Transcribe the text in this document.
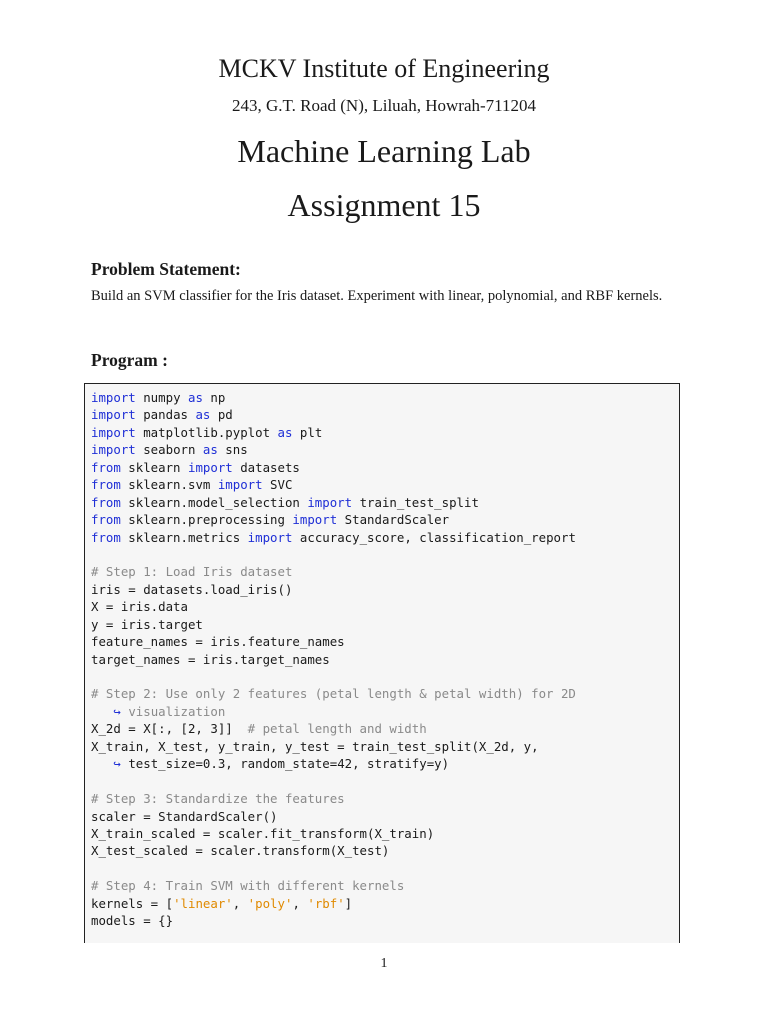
MCKV Institute of Engineering
243, G.T. Road (N), Liluah, Howrah-711204
Machine Learning Lab
Assignment 15
Problem Statement:
Build an SVM classifier for the Iris dataset. Experiment with linear, polynomial, and RBF kernels.
Program :
import numpy as np
import pandas as pd
import matplotlib.pyplot as plt
import seaborn as sns
from sklearn import datasets
from sklearn.svm import SVC
from sklearn.model_selection import train_test_split
from sklearn.preprocessing import StandardScaler
from sklearn.metrics import accuracy_score, classification_report
# Step 1: Load Iris dataset
iris = datasets.load_iris()
X = iris.data
y = iris.target
feature_names = iris.feature_names
target_names = iris.target_names
# Step 2: Use only 2 features (petal length & petal width) for 2D
↪ visualization
X_2d = X[:, [2, 3]]  # petal length and width
X_train, X_test, y_train, y_test = train_test_split(X_2d, y,
↪ test_size=0.3, random_state=42, stratify=y)
# Step 3: Standardize the features
scaler = StandardScaler()
X_train_scaled = scaler.fit_transform(X_train)
X_test_scaled = scaler.transform(X_test)
# Step 4: Train SVM with different kernels
kernels = ['linear', 'poly', 'rbf']
models = {}
1
